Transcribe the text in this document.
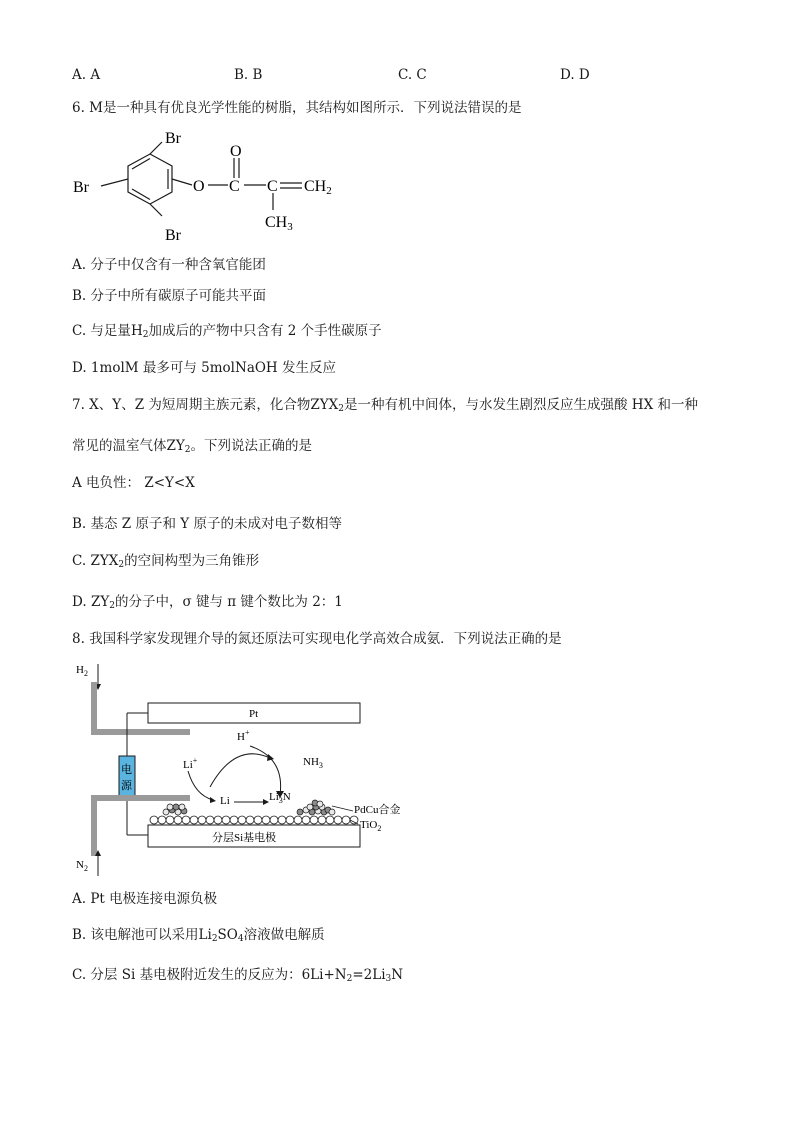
A. A	B. B	C. C	D. D
6. M是一种具有优良光学性能的树脂，其结构如图所示．下列说法错误的是
Br
Br
Br
O
O
C C CH2
CH3
A. 分子中仅含有一种含氧官能团
B. 分子中所有碳原子可能共平面
C. 与足量$H_2$加成后的产物中只含有 2 个手性碳原子
D. 1molM 最多可与 5molNaOH 发生反应
7. X、Y、Z 为短周期主族元素，化合物$ZYX_2$是一种有机中间体，与水发生剧烈反应生成强酸 HX 和一种
常见的温室气体$ZY_2$。下列说法正确的是
A 电负性： Z<Y<X
B. 基态 Z 原子和 Y 原子的未成对电子数相等
C. $ZYX_2$的空间构型为三角锥形
D. $ZY_2$的分子中，σ 键与 π 键个数比为 2：1
8. 我国科学家发现锂介导的氮还原法可实现电化学高效合成氨．下列说法正确的是
$H_2$
Pt
电
源
H+
Li+	$NH_3$
Li	$Li_3N$
$N_2$
分层Si基电极
PdCu合金
TiO$_2$
A. Pt 电极连接电源负极
B. 该电解池可以采用$Li_2SO_4$溶液做电解质
C. 分层 Si 基电极附近发生的反应为：$6Li+N_2=2Li_3N$
